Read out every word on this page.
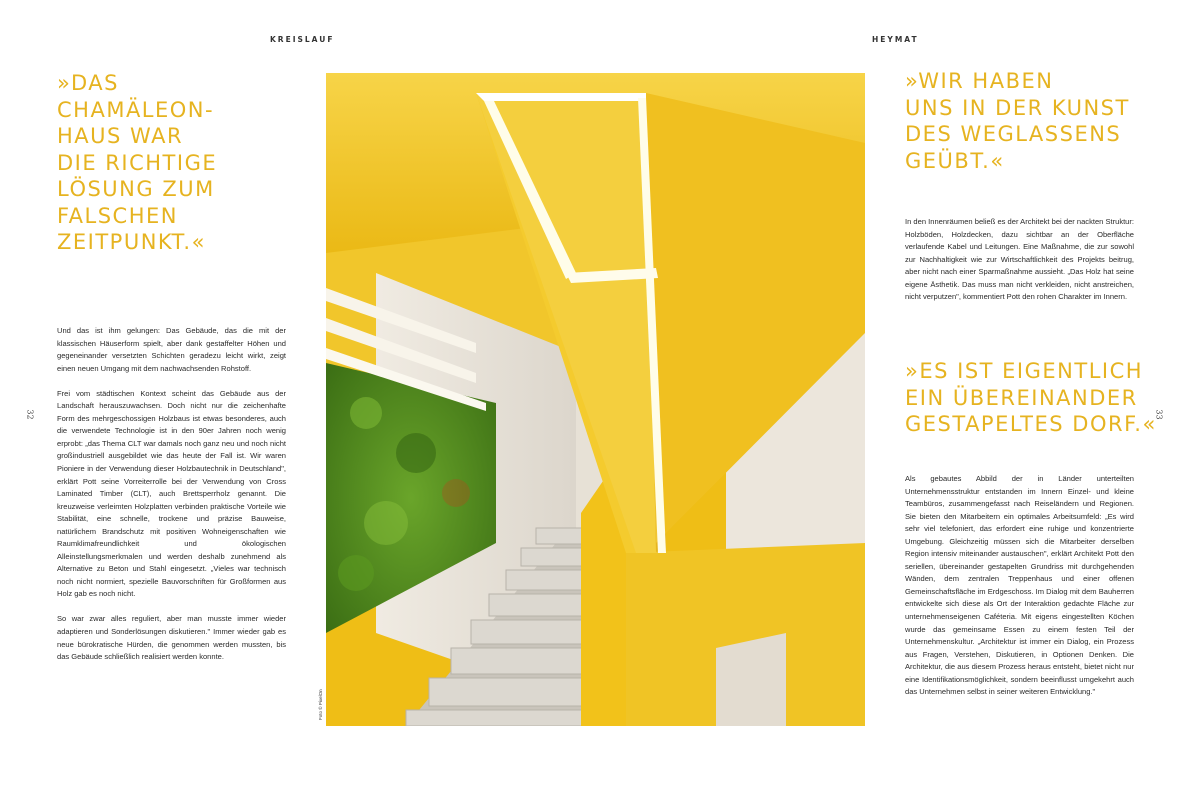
KREISLAUF	HEYMAT
32	33
»DAS
CHAMÄLEON-
HAUS WAR
DIE RICHTIGE
LÖSUNG ZUM
FALSCHEN
ZEITPUNKT.«

Und das ist ihm gelungen: Das Gebäude, das die mit der klassischen Häuserform spielt, aber dank gestaffelter Höhen und gegeneinander versetzten Schichten geradezu leicht wirkt, zeigt einen neuen Umgang mit dem nachwachsenden Rohstoff.

Frei vom städtischen Kontext scheint das Gebäude aus der Landschaft herauszuwachsen. Doch nicht nur die zeichenhafte Form des mehrgeschossigen Holzbaus ist etwas besonderes, auch die verwendete Technologie ist in den 90er Jahren noch wenig erprobt: „das Thema CLT war damals noch ganz neu und noch nicht großindustriell ausgebildet wie das heute der Fall ist. Wir waren Pioniere in der Verwendung dieser Holzbautechnik in Deutschland", erklärt Pott seine Vorreiterrolle bei der Verwendung von Cross Laminated Timber (CLT), auch Brettsperrholz genannt. Die kreuzweise verleimten Holzplatten verbinden praktische Vorteile wie Stabilität, eine schnelle, trockene und präzise Bauweise, natürlichem Brandschutz mit positiven Wohneigenschaften wie Raumklimafreundlichkeit und ökologischen Alleinstellungsmerkmalen und werden deshalb zunehmend als Alternative zu Beton und Stahl eingesetzt. „Vieles war technisch noch nicht normiert, spezielle Bauvorschriften für Großformen aus Holz gab es noch nicht.

So war zwar alles reguliert, aber man musste immer wieder adaptieren und Sonderlösungen diskutieren." Immer wieder gab es neue bürokratische Hürden, die genommen werden mussten, bis das Gebäude schließlich realisiert werden konnte.

Foto © PixelOn
»WIR HABEN
UNS IN DER KUNST
DES WEGLASSENS
GEÜBT.«

In den Innenräumen beließ es der Architekt bei der nackten Struktur: Holzböden, Holzdecken, dazu sichtbar an der Oberfläche verlaufende Kabel und Leitungen. Eine Maßnahme, die zur sowohl zur Nachhaltigkeit wie zur Wirtschaftlichkeit des Projekts beitrug, aber nicht nach einer Sparmaßnahme aussieht. „Das Holz hat seine eigene Ästhetik. Das muss man nicht verkleiden, nicht anstreichen, nicht verputzen", kommentiert Pott den rohen Charakter im Innern.

»ES IST EIGENTLICH
EIN ÜBEREINANDER
GESTAPELTES DORF.«

Als gebautes Abbild der in Länder unterteilten Unternehmensstruktur entstanden im Innern Einzel- und kleine Teambüros, zusammengefasst nach Reiseländern und Regionen. Sie bieten den Mitarbeitern ein optimales Arbeitsumfeld: „Es wird sehr viel telefoniert, das erfordert eine ruhige und konzentrierte Umgebung. Gleichzeitig müssen sich die Mitarbeiter derselben Region intensiv miteinander austauschen", erklärt Architekt Pott den seriellen, übereinander gestapelten Grundriss mit durchgehenden Wänden, dem zentralen Treppenhaus und einer offenen Gemeinschaftsfläche im Erdgeschoss. Im Dialog mit dem Bauherren entwickelte sich diese als Ort der Interaktion gedachte Fläche zur unternehmenseigenen Caféteria. Mit eigens eingestellten Köchen wurde das gemeinsame Essen zu einem festen Teil der Unternehmenskultur. „Architektur ist immer ein Dialog, ein Prozess aus Fragen, Verstehen, Diskutieren, in Optionen Denken. Die Architektur, die aus diesem Prozess heraus entsteht, bietet nicht nur eine Identifikationsmöglichkeit, sondern beeinflusst umgekehrt auch das Unternehmen selbst in seiner weiteren Entwicklung."
